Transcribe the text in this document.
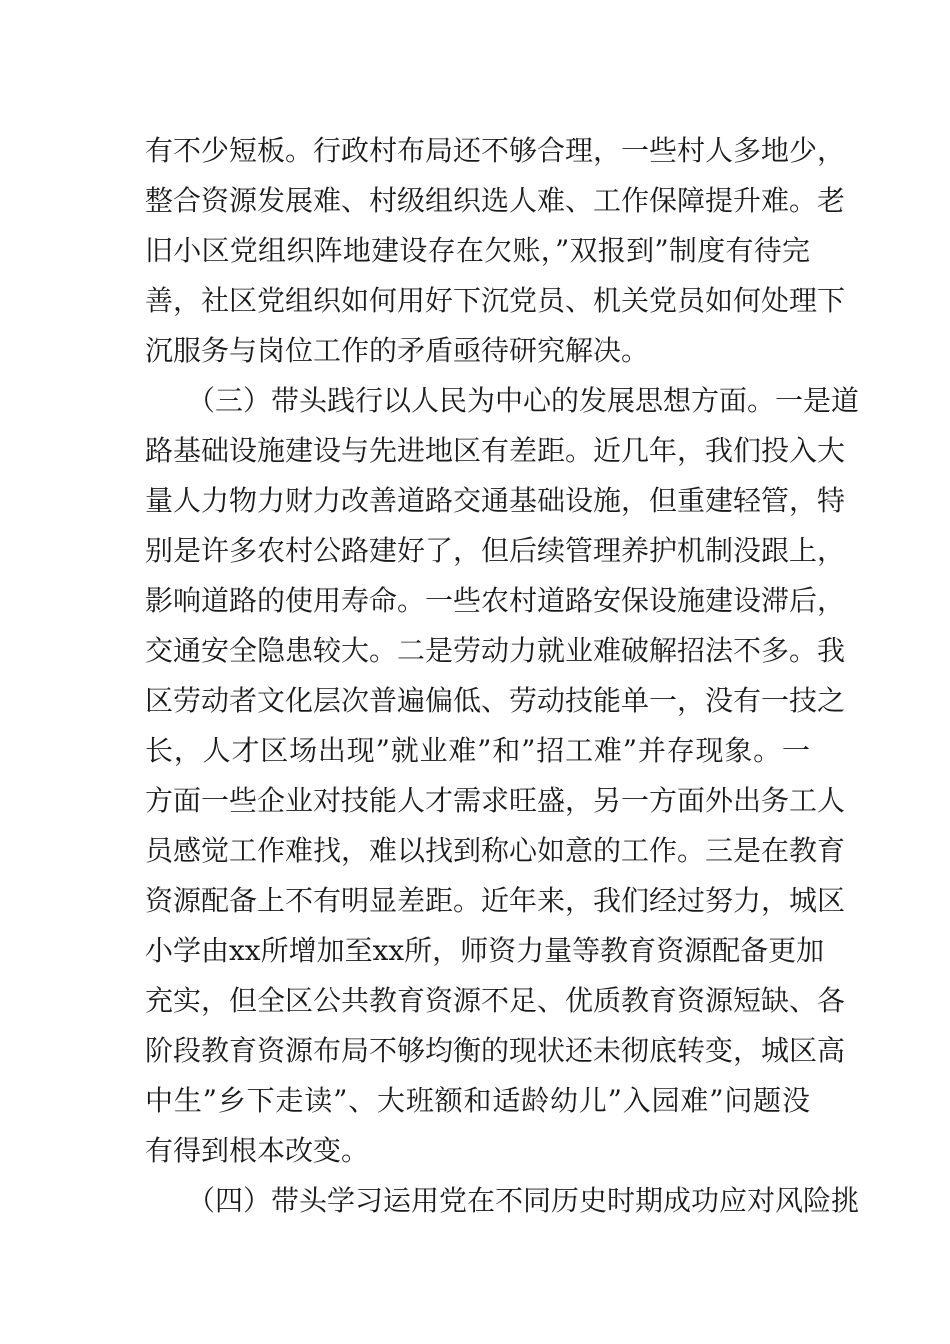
有不少短板。行政村布局还不够合理，一些村人多地少，
整合资源发展难、村级组织选人难、工作保障提升难。老
旧小区党组织阵地建设存在欠账，”双报到”制度有待完
善，社区党组织如何用好下沉党员、机关党员如何处理下
沉服务与岗位工作的矛盾亟待研究解决。
（三）带头践行以人民为中心的发展思想方面。一是道
路基础设施建设与先进地区有差距。近几年，我们投入大
量人力物力财力改善道路交通基础设施，但重建轻管，特
别是许多农村公路建好了，但后续管理养护机制没跟上，
影响道路的使用寿命。一些农村道路安保设施建设滞后，
交通安全隐患较大。二是劳动力就业难破解招法不多。我
区劳动者文化层次普遍偏低、劳动技能单一，没有一技之
长，人才区场出现”就业难”和”招工难”并存现象。一
方面一些企业对技能人才需求旺盛，另一方面外出务工人
员感觉工作难找，难以找到称心如意的工作。三是在教育
资源配备上不有明显差距。近年来，我们经过努力，城区
小学由xx所增加至xx所，师资力量等教育资源配备更加
充实，但全区公共教育资源不足、优质教育资源短缺、各
阶段教育资源布局不够均衡的现状还未彻底转变，城区高
中生”乡下走读”、大班额和适龄幼儿”入园难”问题没
有得到根本改变。
（四）带头学习运用党在不同历史时期成功应对风险挑
